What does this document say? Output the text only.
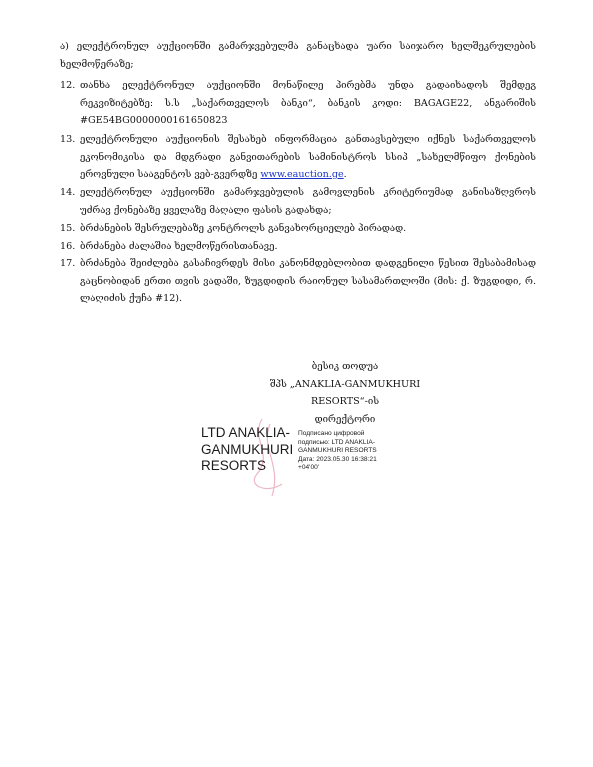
ა) ელექტრონულ აუქციონში გამარჯვებულმა განაცხადა უარი საიჯარო ხელშეკრულების ხელმოწერაზე;
12. თანხა ელექტრონულ აუქციონში მონაწილე პირებმა უნდა გადაიხადოს შემდეგ რეკვიზიტებზე: ს.ს „საქართველოს ბანკი“, ბანკის კოდი: BAGAGE22, ანგარიშის #GE54BG0000000161650823
13. ელექტრონული აუქციონის შესახებ ინფორმაცია განთავსებული იქნეს საქართველოს ეკონომიკისა და მდგრადი განვითარების სამინისტროს სსიპ „სახელმწიფო ქონების ეროვნული სააგენტოს ვებ-გვერდზე www.eauction.ge.
14. ელექტრონულ აუქციონში გამარჯვებულის გამოვლენის კრიტერიუმად განისაზღვროს უძრავ ქონებაზე ყველაზე მაღალი ფასის გადახდა;
15. ბრძანების შესრულებაზე კონტროლს განვახორციელებ პირადად.
16. ბრძანება ძალაშია ხელმოწერისთანავე.
17. ბრძანება შეიძლება გასაჩივრდეს მისი კანონმდებლობით დადგენილი წესით შესაბამისად გაცნობიდან ერთი თვის ვადაში, ზუგდიდის რაიონულ სასამართლოში (მის: ქ. ზუგდიდი, რ. ლაღიძის ქუჩა #12).
ბესიკ თოდუა
შპს „ANAKLIA-GANMUKHURI RESORTS“-ის
დირექტორი
LTD ANAKLIA-
GANMUKHURI
RESORTS
Подписано цифровой
подписью: LTD ANAKLIA-
GANMUKHURI RESORTS
Дата: 2023.05.30 16:38:21
+04'00'
